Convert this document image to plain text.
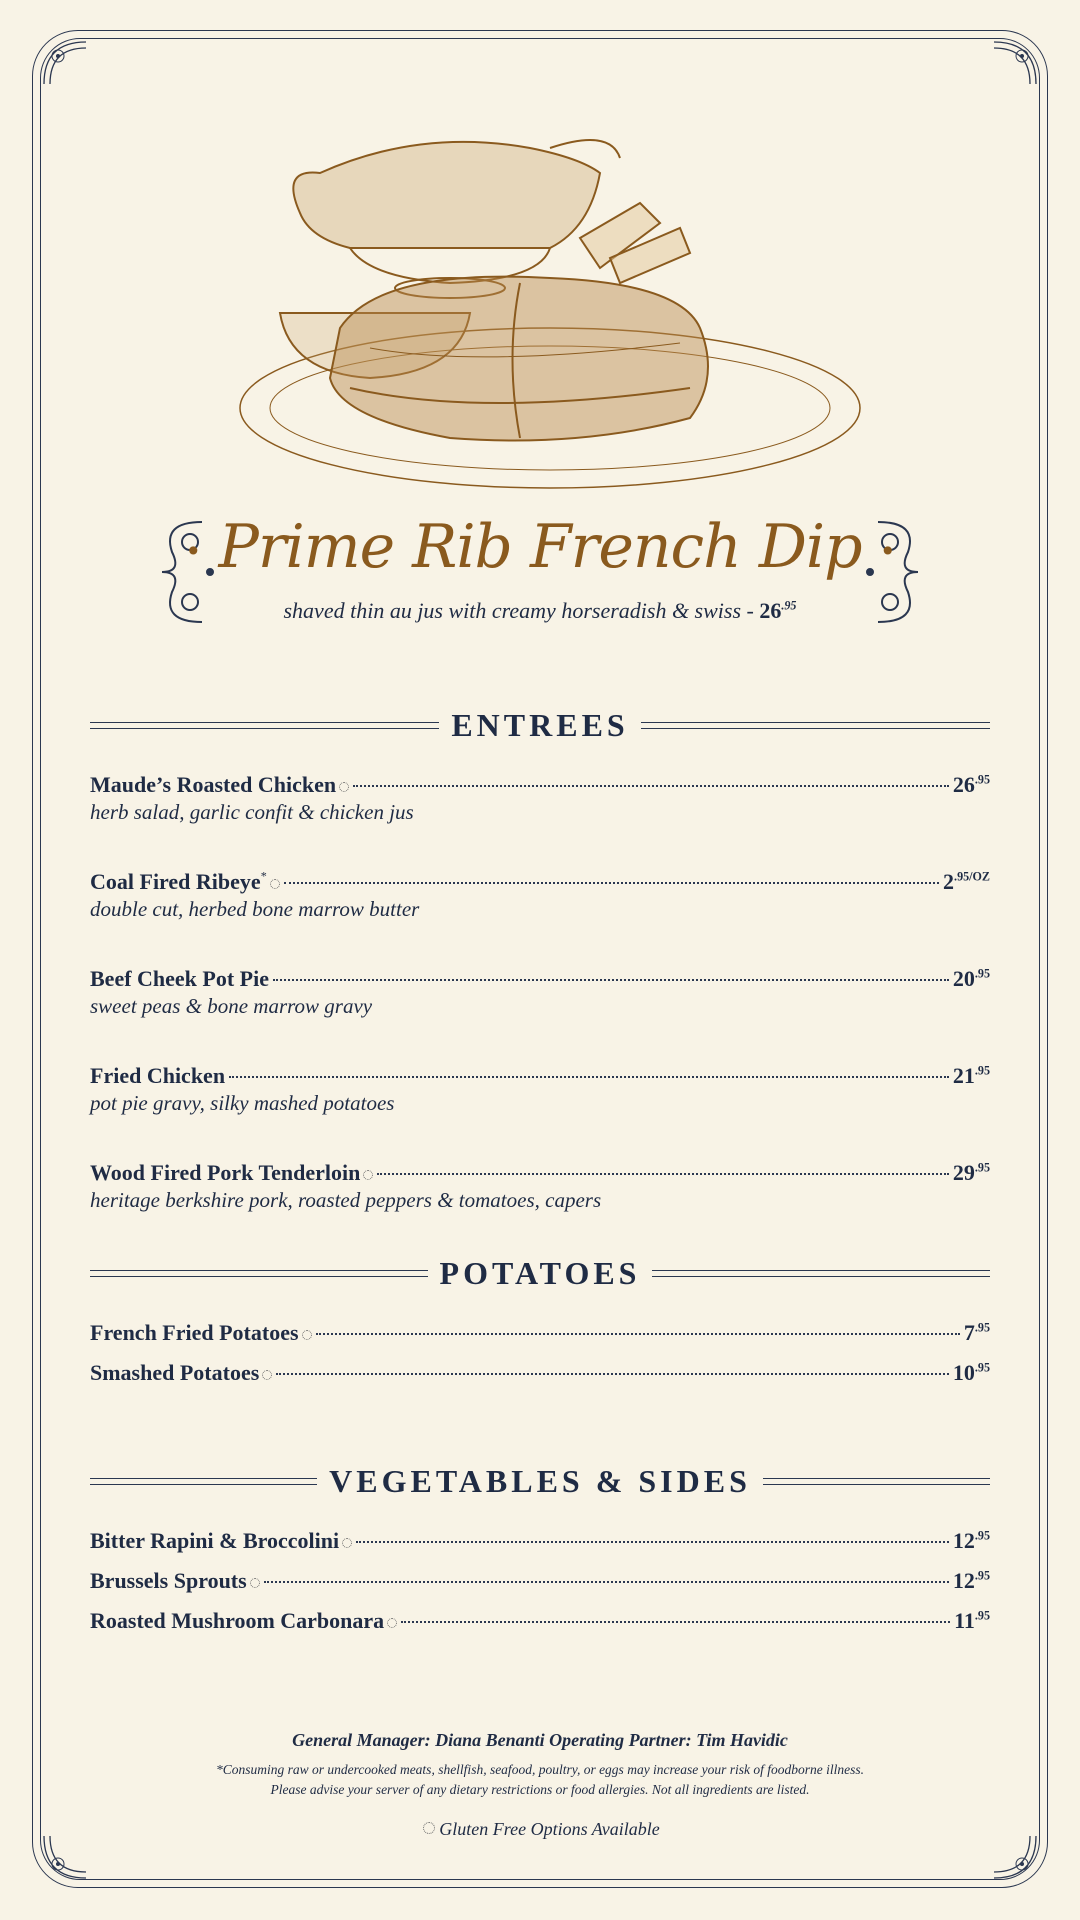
• Prime Rib French Dip •
shaved thin au jus with creamy horseradish & swiss - $26^{.95}$
ENTREES
Maude’s Roasted Chicken	$26^{.95}$
herb salad, garlic confit & chicken jus
Coal Fired Ribeye*	$2^{.95/OZ}$
double cut, herbed bone marrow butter
Beef Cheek Pot Pie	$20^{.95}$
sweet peas & bone marrow gravy
Fried Chicken	$21^{.95}$
pot pie gravy, silky mashed potatoes
Wood Fired Pork Tenderloin	$29^{.95}$
heritage berkshire pork, roasted peppers & tomatoes, capers
POTATOES
French Fried Potatoes	$7^{.95}$
Smashed Potatoes	$10^{.95}$
VEGETABLES & SIDES
Bitter Rapini & Broccolini	$12^{.95}$
Brussels Sprouts	$12^{.95}$
Roasted Mushroom Carbonara	$11^{.95}$
General Manager: Diana Benanti Operating Partner: Tim Havidic
*Consuming raw or undercooked meats, shellfish, seafood, poultry, or eggs may increase your risk of foodborne illness.
Please advise your server of any dietary restrictions or food allergies. Not all ingredients are listed.
Gluten Free Options Available
